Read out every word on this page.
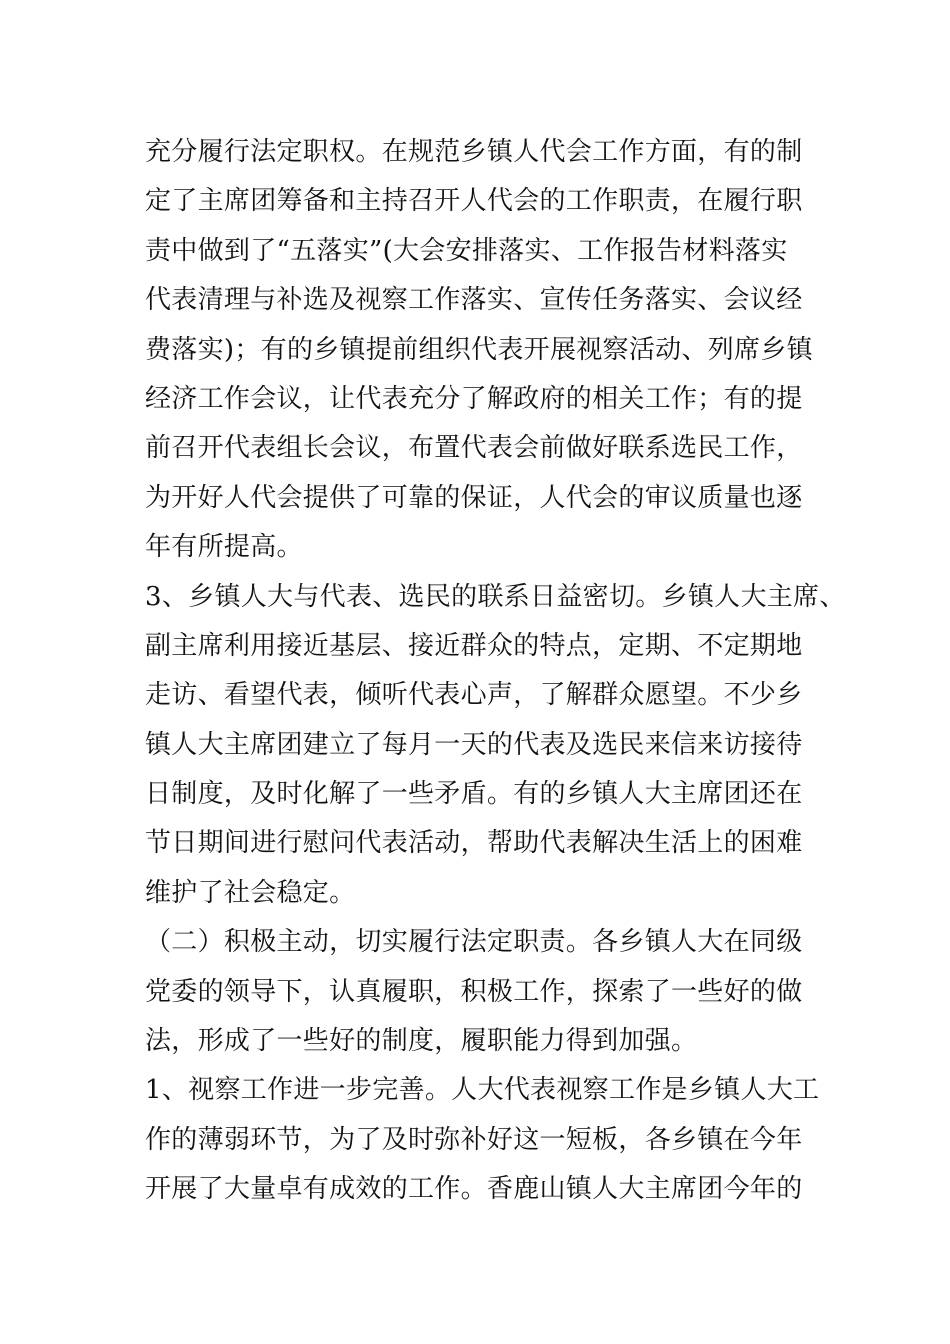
充分履行法定职权。在规范乡镇人代会工作方面，有的制
定了主席团筹备和主持召开人代会的工作职责，在履行职
责中做到了“五落实”(大会安排落实、工作报告材料落实
代表清理与补选及视察工作落实、宣传任务落实、会议经
费落实)；有的乡镇提前组织代表开展视察活动、列席乡镇
经济工作会议，让代表充分了解政府的相关工作；有的提
前召开代表组长会议，布置代表会前做好联系选民工作，
为开好人代会提供了可靠的保证，人代会的审议质量也逐
年有所提高。
3、乡镇人大与代表、选民的联系日益密切。乡镇人大主席、
副主席利用接近基层、接近群众的特点，定期、不定期地
走访、看望代表，倾听代表心声，了解群众愿望。不少乡
镇人大主席团建立了每月一天的代表及选民来信来访接待
日制度，及时化解了一些矛盾。有的乡镇人大主席团还在
节日期间进行慰问代表活动，帮助代表解决生活上的困难
维护了社会稳定。
（二）积极主动，切实履行法定职责。各乡镇人大在同级
党委的领导下，认真履职，积极工作，探索了一些好的做
法，形成了一些好的制度，履职能力得到加强。
1、视察工作进一步完善。人大代表视察工作是乡镇人大工
作的薄弱环节，为了及时弥补好这一短板，各乡镇在今年
开展了大量卓有成效的工作。香鹿山镇人大主席团今年的
